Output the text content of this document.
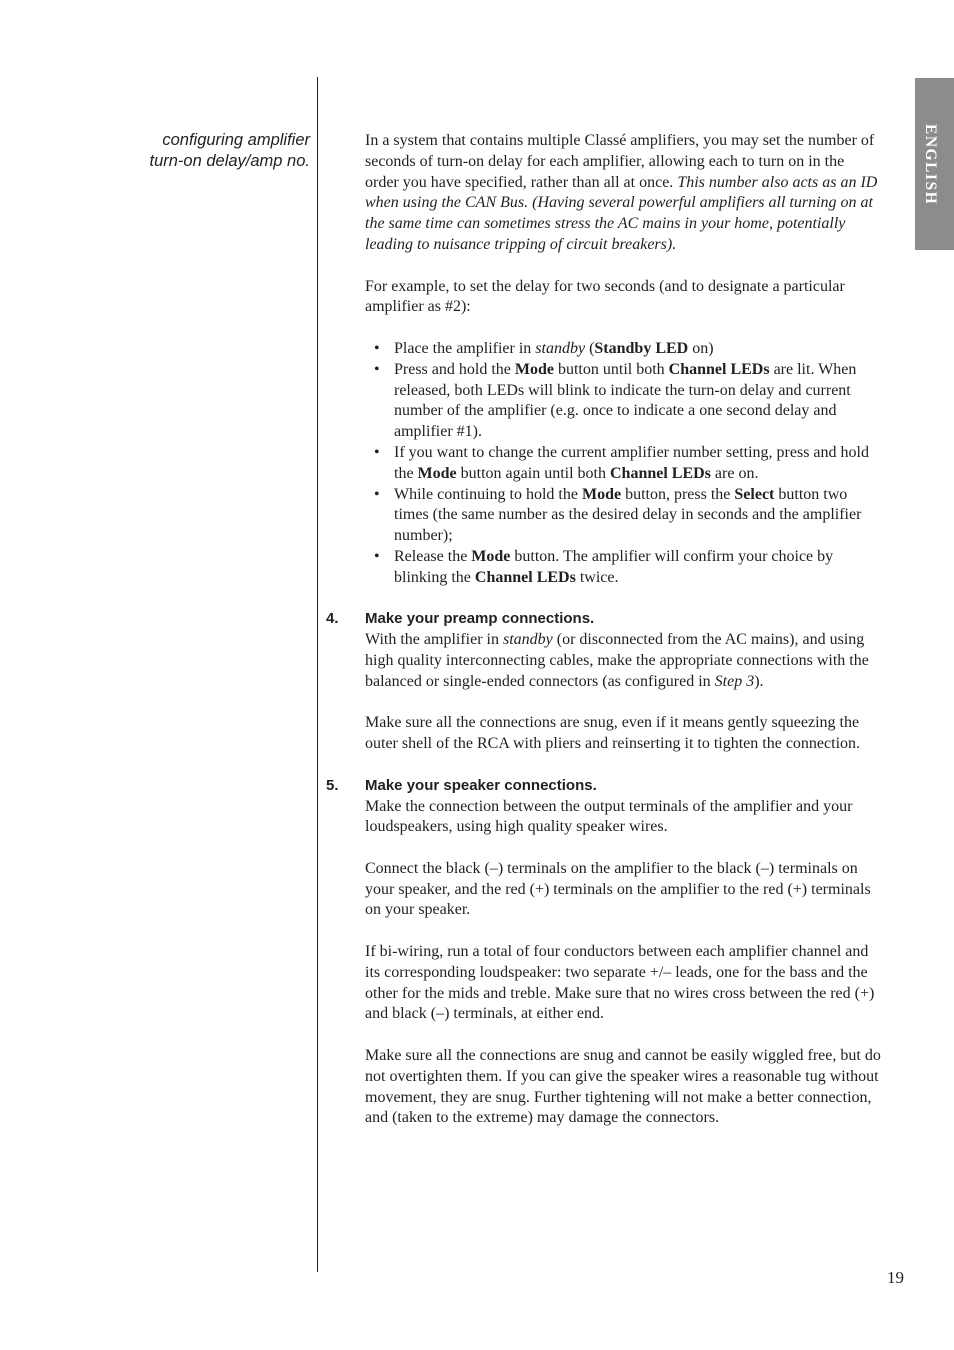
configuring amplifier
turn-on delay/amp no.	ENGLISH

In a system that contains multiple Classé amplifiers, you may set the number of seconds of turn-on delay for each amplifier, allowing each to turn on in the order you have specified, rather than all at once. This number also acts as an ID when using the CAN Bus. (Having several powerful amplifiers all turning on at the same time can sometimes stress the AC mains in your home, potentially leading to nuisance tripping of circuit breakers).

For example, to set the delay for two seconds (and to designate a particular amplifier as #2):

• Place the amplifier in standby (Standby LED on)
• Press and hold the Mode button until both Channel LEDs are lit. When released, both LEDs will blink to indicate the turn-on delay and current number of the amplifier (e.g. once to indicate a one second delay and amplifier #1).
• If you want to change the current amplifier number setting, press and hold the Mode button again until both Channel LEDs are on.
• While continuing to hold the Mode button, press the Select button two times (the same number as the desired delay in seconds and the amplifier number);
• Release the Mode button. The amplifier will confirm your choice by blinking the Channel LEDs twice.
4. Make your preamp connections.

With the amplifier in standby (or disconnected from the AC mains), and using high quality interconnecting cables, make the appropriate connections with the balanced or single-ended connectors (as configured in Step 3).

Make sure all the connections are snug, even if it means gently squeezing the outer shell of the RCA with pliers and reinserting it to tighten the connection.

5. Make your speaker connections.

Make the connection between the output terminals of the amplifier and your loudspeakers, using high quality speaker wires.

Connect the black (–) terminals on the amplifier to the black (–) terminals on your speaker, and the red (+) terminals on the amplifier to the red (+) terminals on your speaker.

If bi-wiring, run a total of four conductors between each amplifier channel and its corresponding loudspeaker: two separate +/– leads, one for the bass and the other for the mids and treble. Make sure that no wires cross between the red (+) and black (–) terminals, at either end.

Make sure all the connections are snug and cannot be easily wiggled free, but do not overtighten them. If you can give the speaker wires a reasonable tug without movement, they are snug. Further tightening will not make a better connection, and (taken to the extreme) may damage the connectors.

19
